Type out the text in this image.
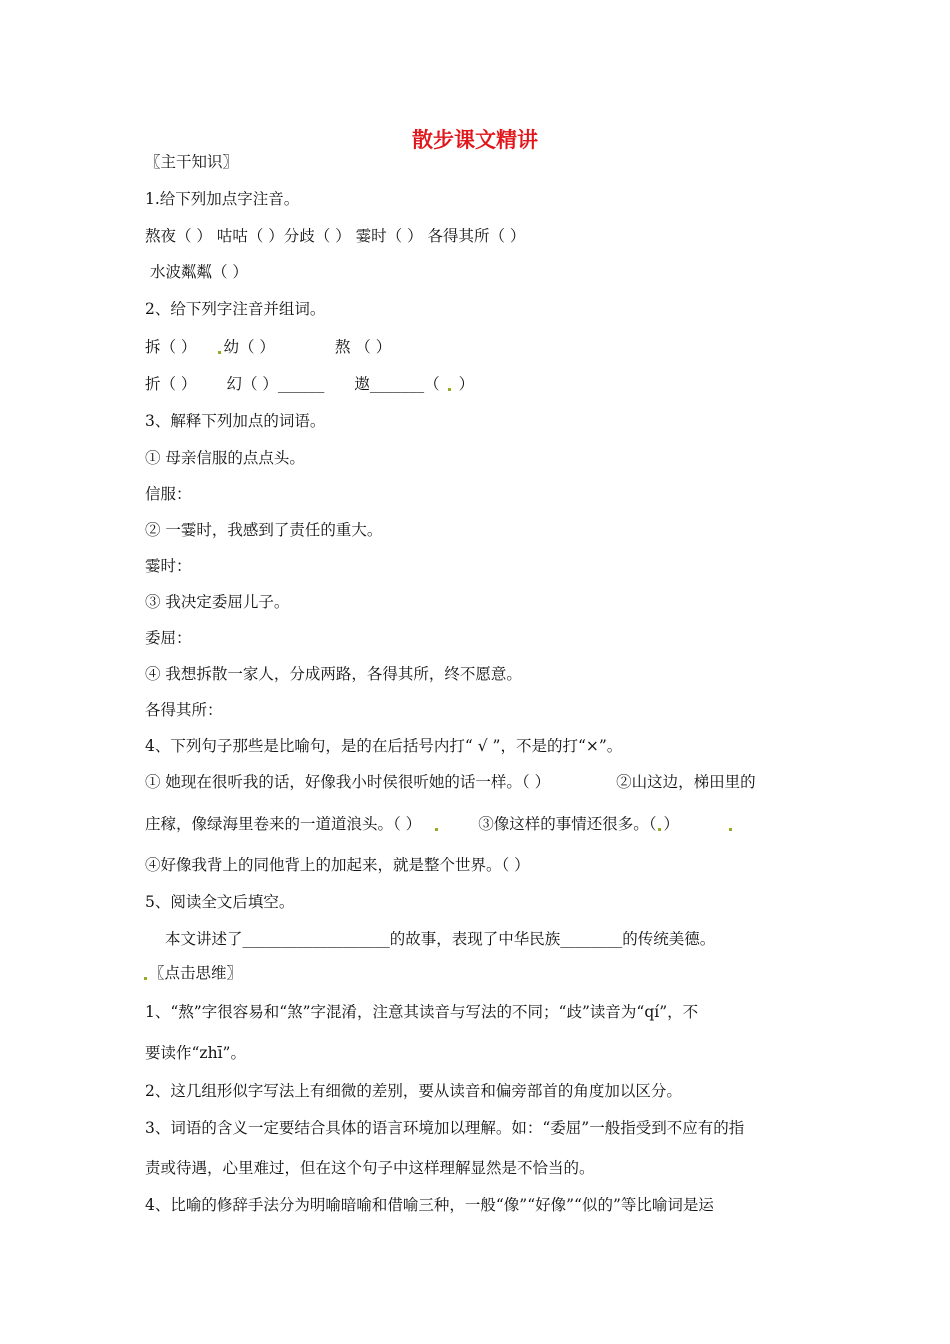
散步课文精讲
〖主干知识〗
1.给下列加点字注音。
熬夜（ ） 咕咕（ ）分歧（ ） 霎时（ ） 各得其所（ ）
水波粼粼（ ）
2、给下列字注音并组词。
拆（ ） 幼（ ）	熬 （ ）
折（ ） 幻（ ）______ 遨_______（ ）
3、解释下列加点的词语。
① 母亲信服的点点头。
信服：
② 一霎时，我感到了责任的重大。
霎时：
③ 我决定委屈儿子。
委屈：
④ 我想拆散一家人，分成两路，各得其所，终不愿意。
各得其所：
4、下列句子那些是比喻句，是的在后括号内打“ √ ”，不是的打“×”。
① 她现在很听我的话，好像我小时侯很听她的话一样。（ ）	②山这边，梯田里的
庄稼，像绿海里卷来的一道道浪头。（ ）	③像这样的事情还很多。（ ）
④好像我背上的同他背上的加起来，就是整个世界。（ ）
5、阅读全文后填空。
本文讲述了___________________的故事，表现了中华民族________的传统美德。
〖点击思维〗
1、“熬”字很容易和“煞”字混淆，注意其读音与写法的不同；“歧”读音为“qí”，不
要读作“zhī”。
2、这几组形似字写法上有细微的差别，要从读音和偏旁部首的角度加以区分。
3、词语的含义一定要结合具体的语言环境加以理解。如：“委屈”一般指受到不应有的指
责或待遇，心里难过，但在这个句子中这样理解显然是不恰当的。
4、比喻的修辞手法分为明喻暗喻和借喻三种，一般“像”“好像”“似的”等比喻词是运
